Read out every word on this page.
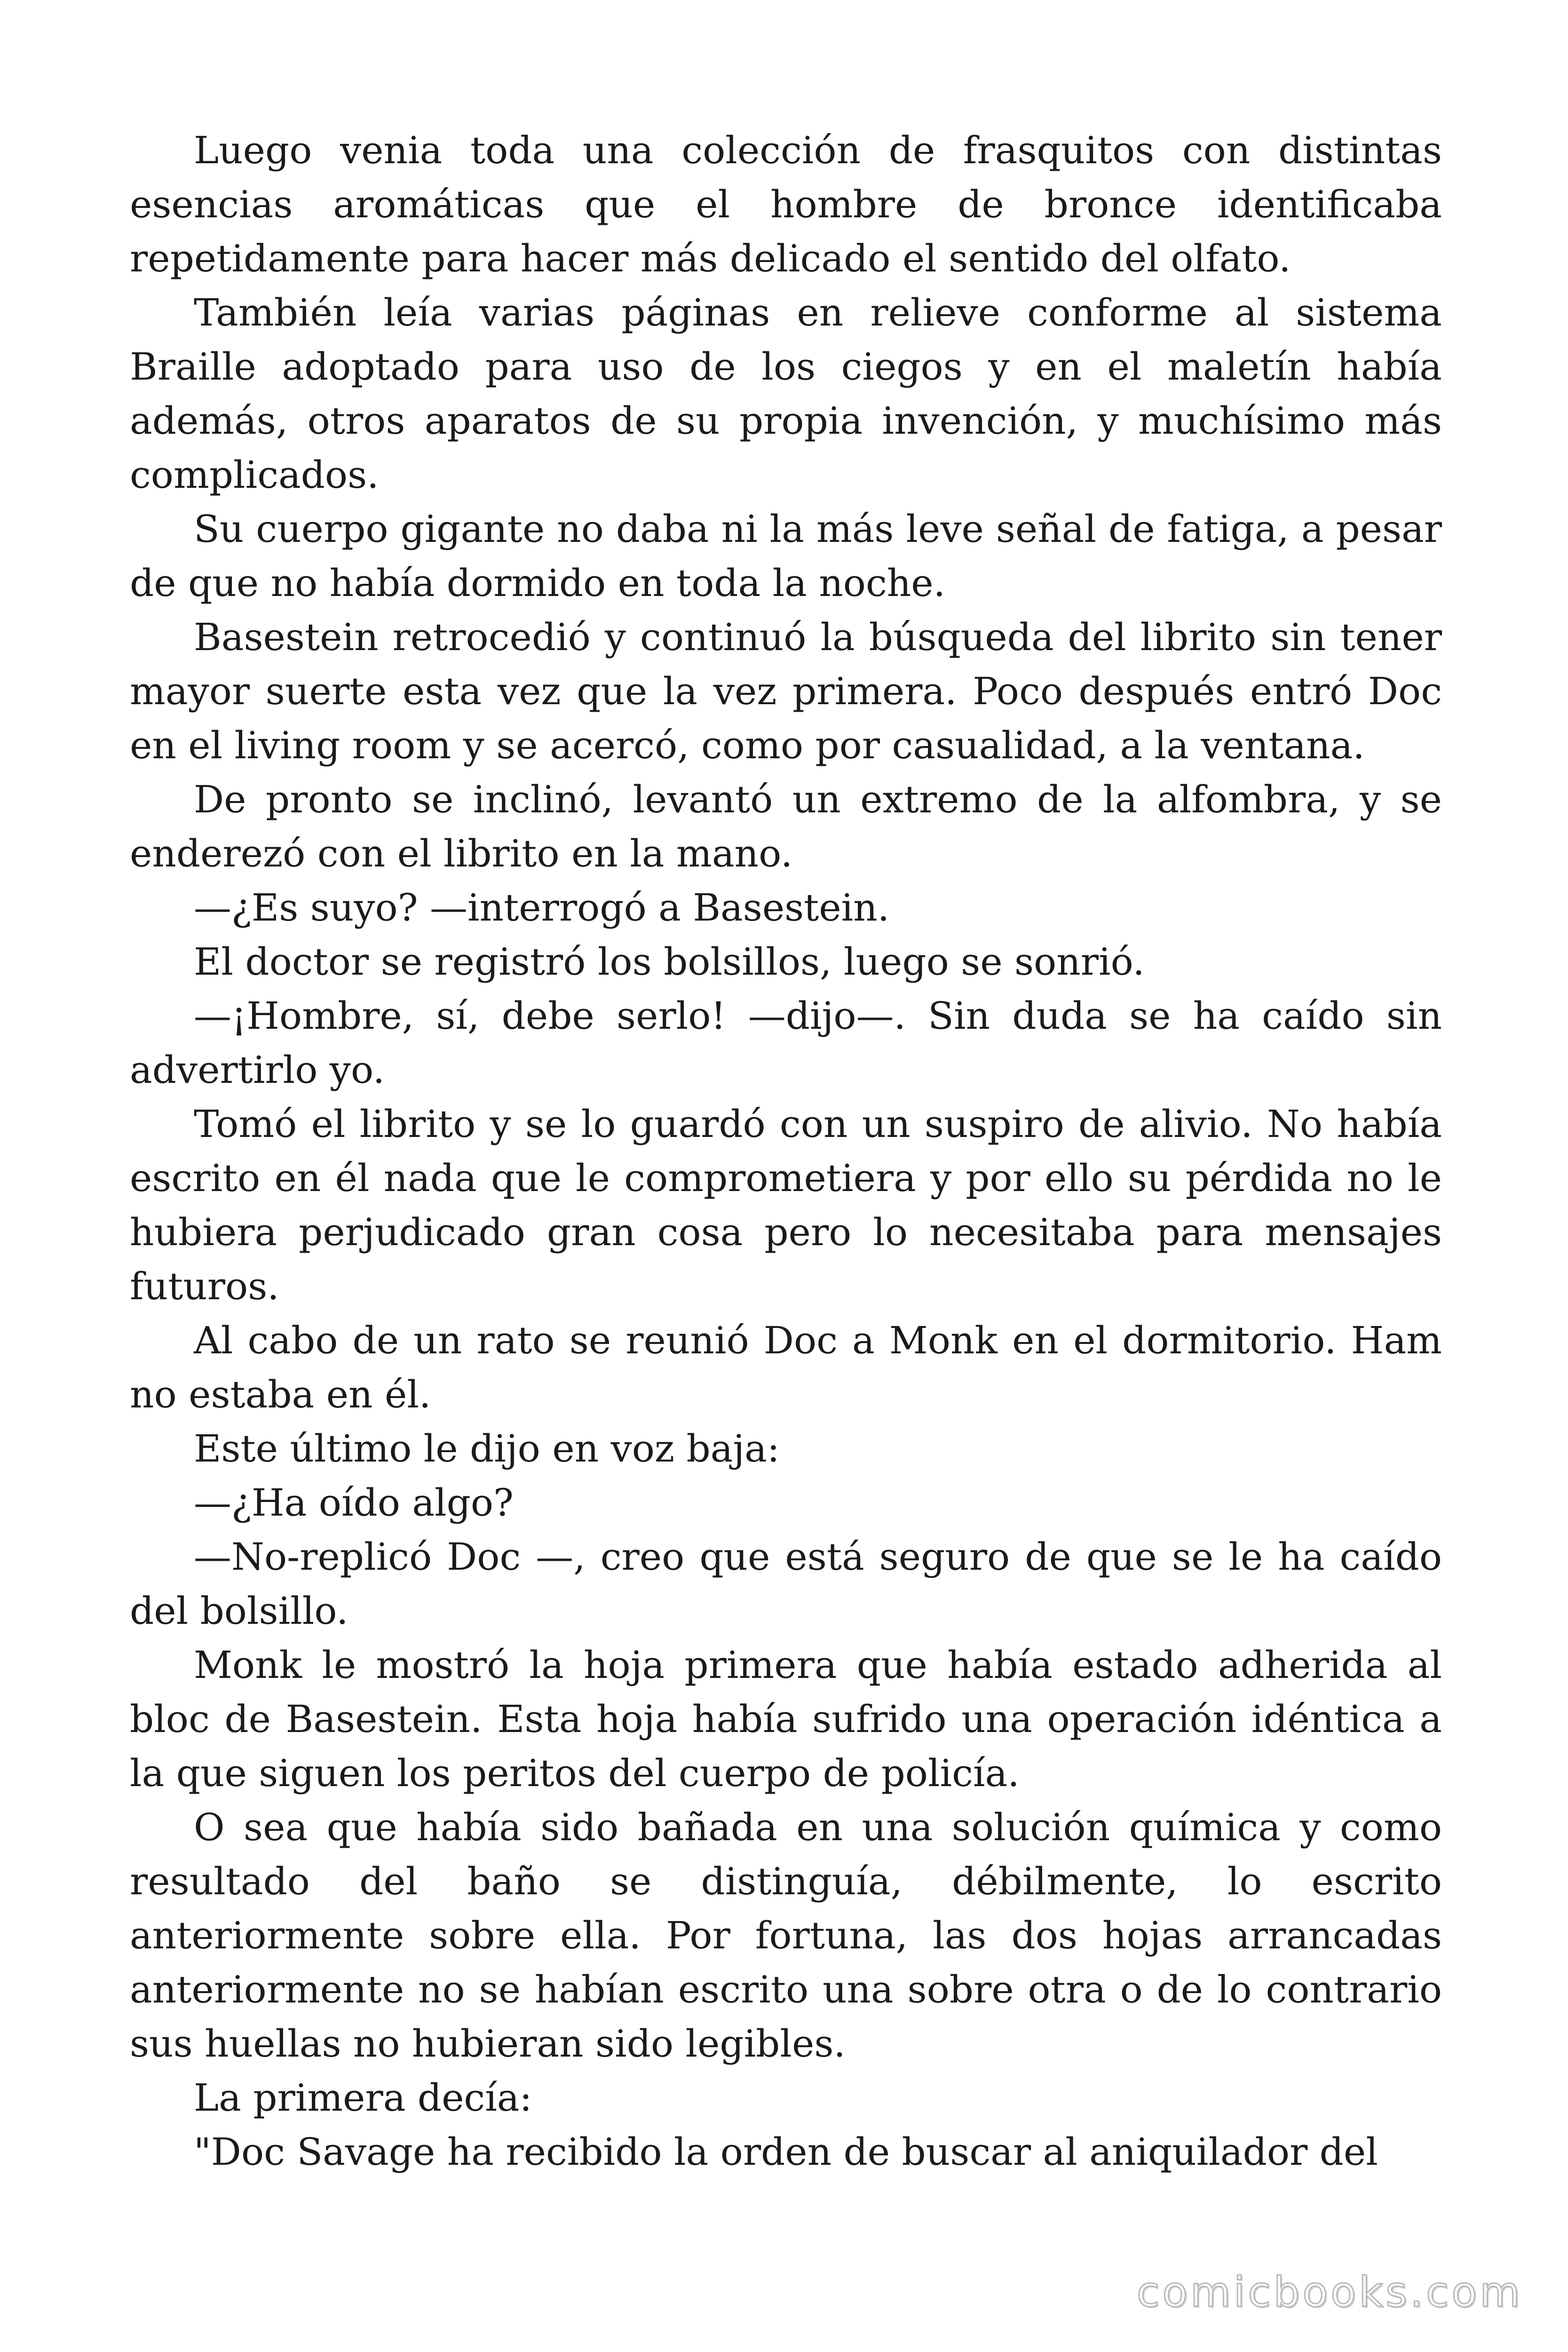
Luego venia toda una colección de frasquitos con distintas esencias aromáticas que el hombre de bronce identificaba repetidamente para hacer más delicado el sentido del olfato.

También leía varias páginas en relieve conforme al sistema Braille adoptado para uso de los ciegos y en el maletín había además, otros aparatos de su propia invención, y muchísimo más complicados.

Su cuerpo gigante no daba ni la más leve señal de fatiga, a pesar de que no había dormido en toda la noche.

Basestein retrocedió y continuó la búsqueda del librito sin tener mayor suerte esta vez que la vez primera. Poco después entró Doc en el living room y se acercó, como por casualidad, a la ventana.

De pronto se inclinó, levantó un extremo de la alfombra, y se enderezó con el librito en la mano.

—¿Es suyo? —interrogó a Basestein.

El doctor se registró los bolsillos, luego se sonrió.

—¡Hombre, sí, debe serlo! —dijo—. Sin duda se ha caído sin advertirlo yo.

Tomó el librito y se lo guardó con un suspiro de alivio. No había escrito en él nada que le comprometiera y por ello su pérdida no le hubiera perjudicado gran cosa pero lo necesitaba para mensajes futuros.

Al cabo de un rato se reunió Doc a Monk en el dormitorio. Ham no estaba en él.

Este último le dijo en voz baja:

—¿Ha oído algo?

—No-replicó Doc —, creo que está seguro de que se le ha caído del bolsillo.

Monk le mostró la hoja primera que había estado adherida al bloc de Basestein. Esta hoja había sufrido una operación idéntica a la que siguen los peritos del cuerpo de policía.

O sea que había sido bañada en una solución química y como resultado del baño se distinguía, débilmente, lo escrito anteriormente sobre ella. Por fortuna, las dos hojas arrancadas anteriormente no se habían escrito una sobre otra o de lo contrario sus huellas no hubieran sido legibles.

La primera decía:

"Doc Savage ha recibido la orden de buscar al aniquilador del

comicbooks.com
